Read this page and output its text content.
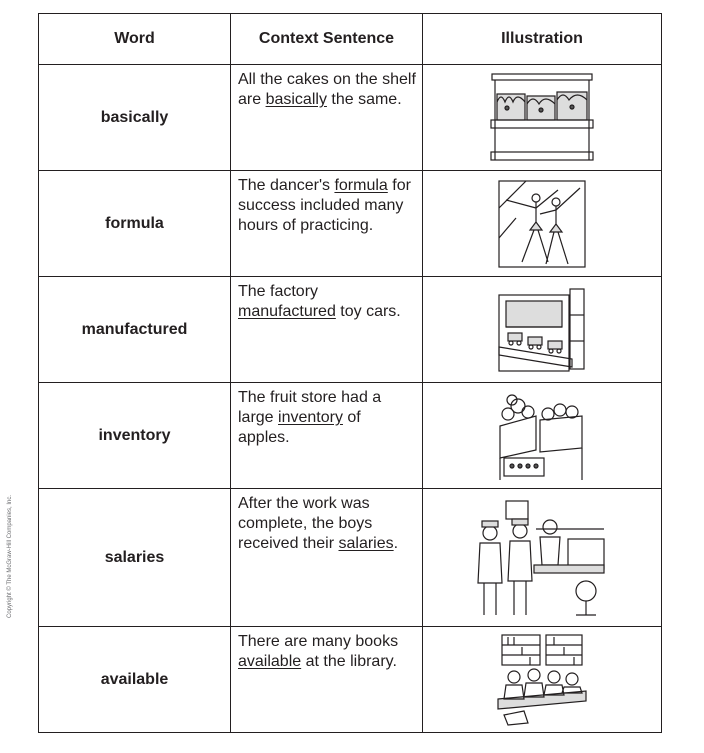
Copyright © The McGraw-Hill Companies, Inc.
Word	Context Sentence	Illustration
basically	All the cakes on the shelf are basically the same.	

formula	The dancer's formula for success included many hours of practicing.	

manufactured	The factory manufactured toy cars.	

inventory	The fruit store had a large inventory of apples.	

salaries	After the work was complete, the boys received their salaries.	

available	There are many books available at the library.	
